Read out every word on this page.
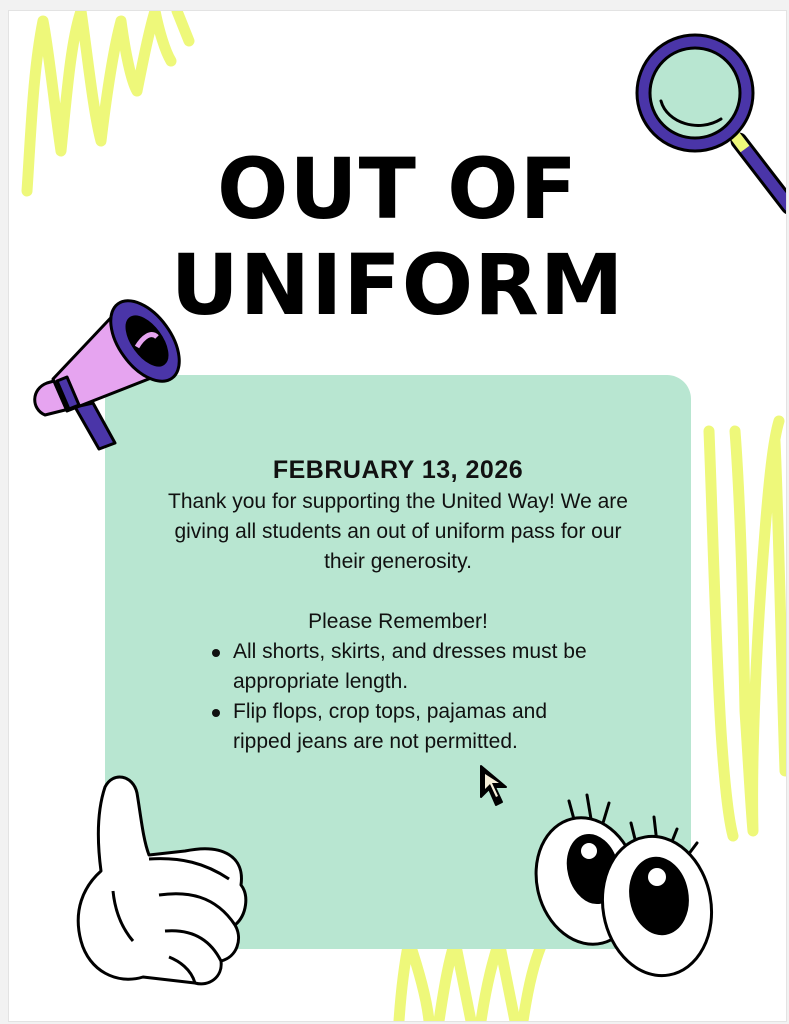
OUT OF
UNIFORM

FEBRUARY 13, 2026

Thank you for supporting the United Way! We are giving all students an out of uniform pass for our their generosity.

Please Remember!

All shorts, skirts, and dresses must be appropriate length.
Flip flops, crop tops, pajamas and ripped jeans are not permitted.
